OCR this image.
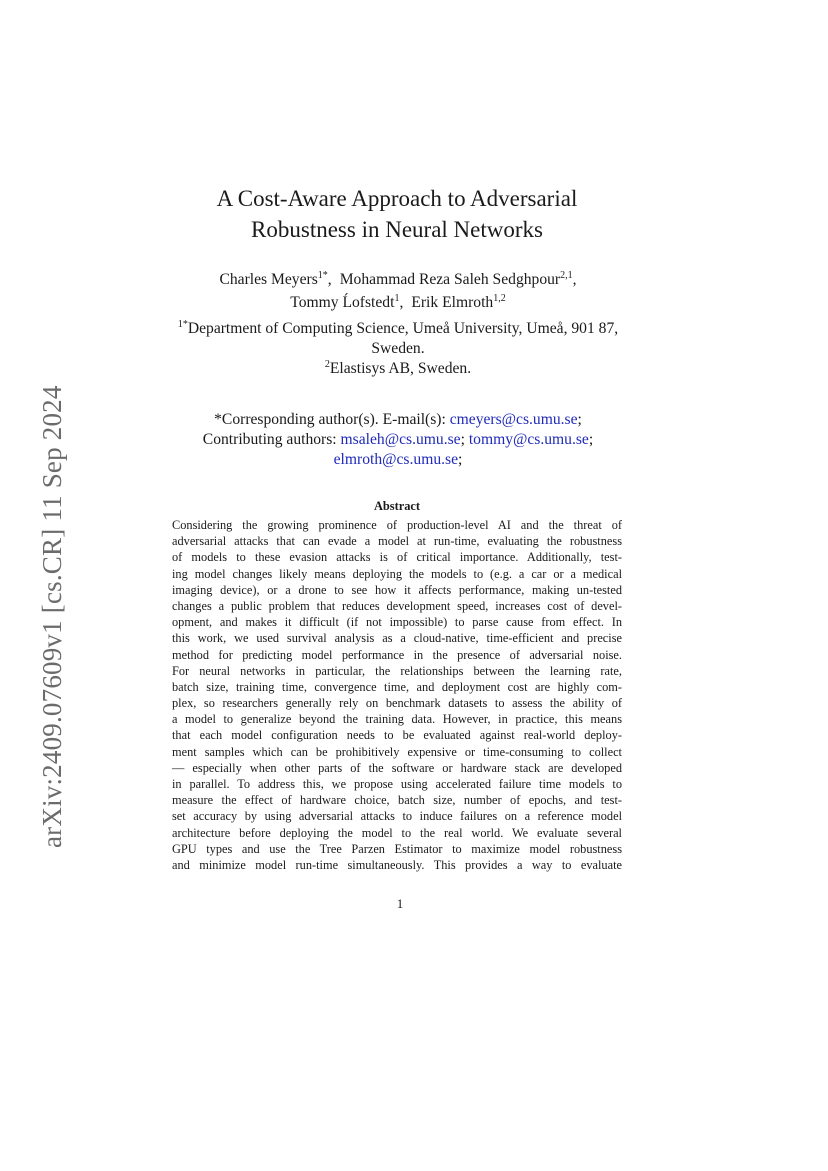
arXiv:2409.07609v1 [cs.CR] 11 Sep 2024
A Cost-Aware Approach to Adversarial
Robustness in Neural Networks
Charles Meyers$^{1*}$, Mohammad Reza Saleh Sedghpour$^{2,1}$,
Tommy Ĺofstedt$^1$, Erik Elmroth$^{1,2}$
$^{1*}$Department of Computing Science, Umeå University, Umeå, 901 87,
Sweden.
$^2$Elastisys AB, Sweden.
*Corresponding author(s). E-mail(s): cmeyers@cs.umu.se;
Contributing authors: msaleh@cs.umu.se; tommy@cs.umu.se;
elmroth@cs.umu.se;
Abstract
Considering the growing prominence of production-level AI and the threat of
adversarial attacks that can evade a model at run-time, evaluating the robustness
of models to these evasion attacks is of critical importance. Additionally, test-
ing model changes likely means deploying the models to (e.g. a car or a medical
imaging device), or a drone to see how it affects performance, making un-tested
changes a public problem that reduces development speed, increases cost of devel-
opment, and makes it difficult (if not impossible) to parse cause from effect. In
this work, we used survival analysis as a cloud-native, time-efficient and precise
method for predicting model performance in the presence of adversarial noise.
For neural networks in particular, the relationships between the learning rate,
batch size, training time, convergence time, and deployment cost are highly com-
plex, so researchers generally rely on benchmark datasets to assess the ability of
a model to generalize beyond the training data. However, in practice, this means
that each model configuration needs to be evaluated against real-world deploy-
ment samples which can be prohibitively expensive or time-consuming to collect
— especially when other parts of the software or hardware stack are developed
in parallel. To address this, we propose using accelerated failure time models to
measure the effect of hardware choice, batch size, number of epochs, and test-
set accuracy by using adversarial attacks to induce failures on a reference model
architecture before deploying the model to the real world. We evaluate several
GPU types and use the Tree Parzen Estimator to maximize model robustness
and minimize model run-time simultaneously. This provides a way to evaluate
1
